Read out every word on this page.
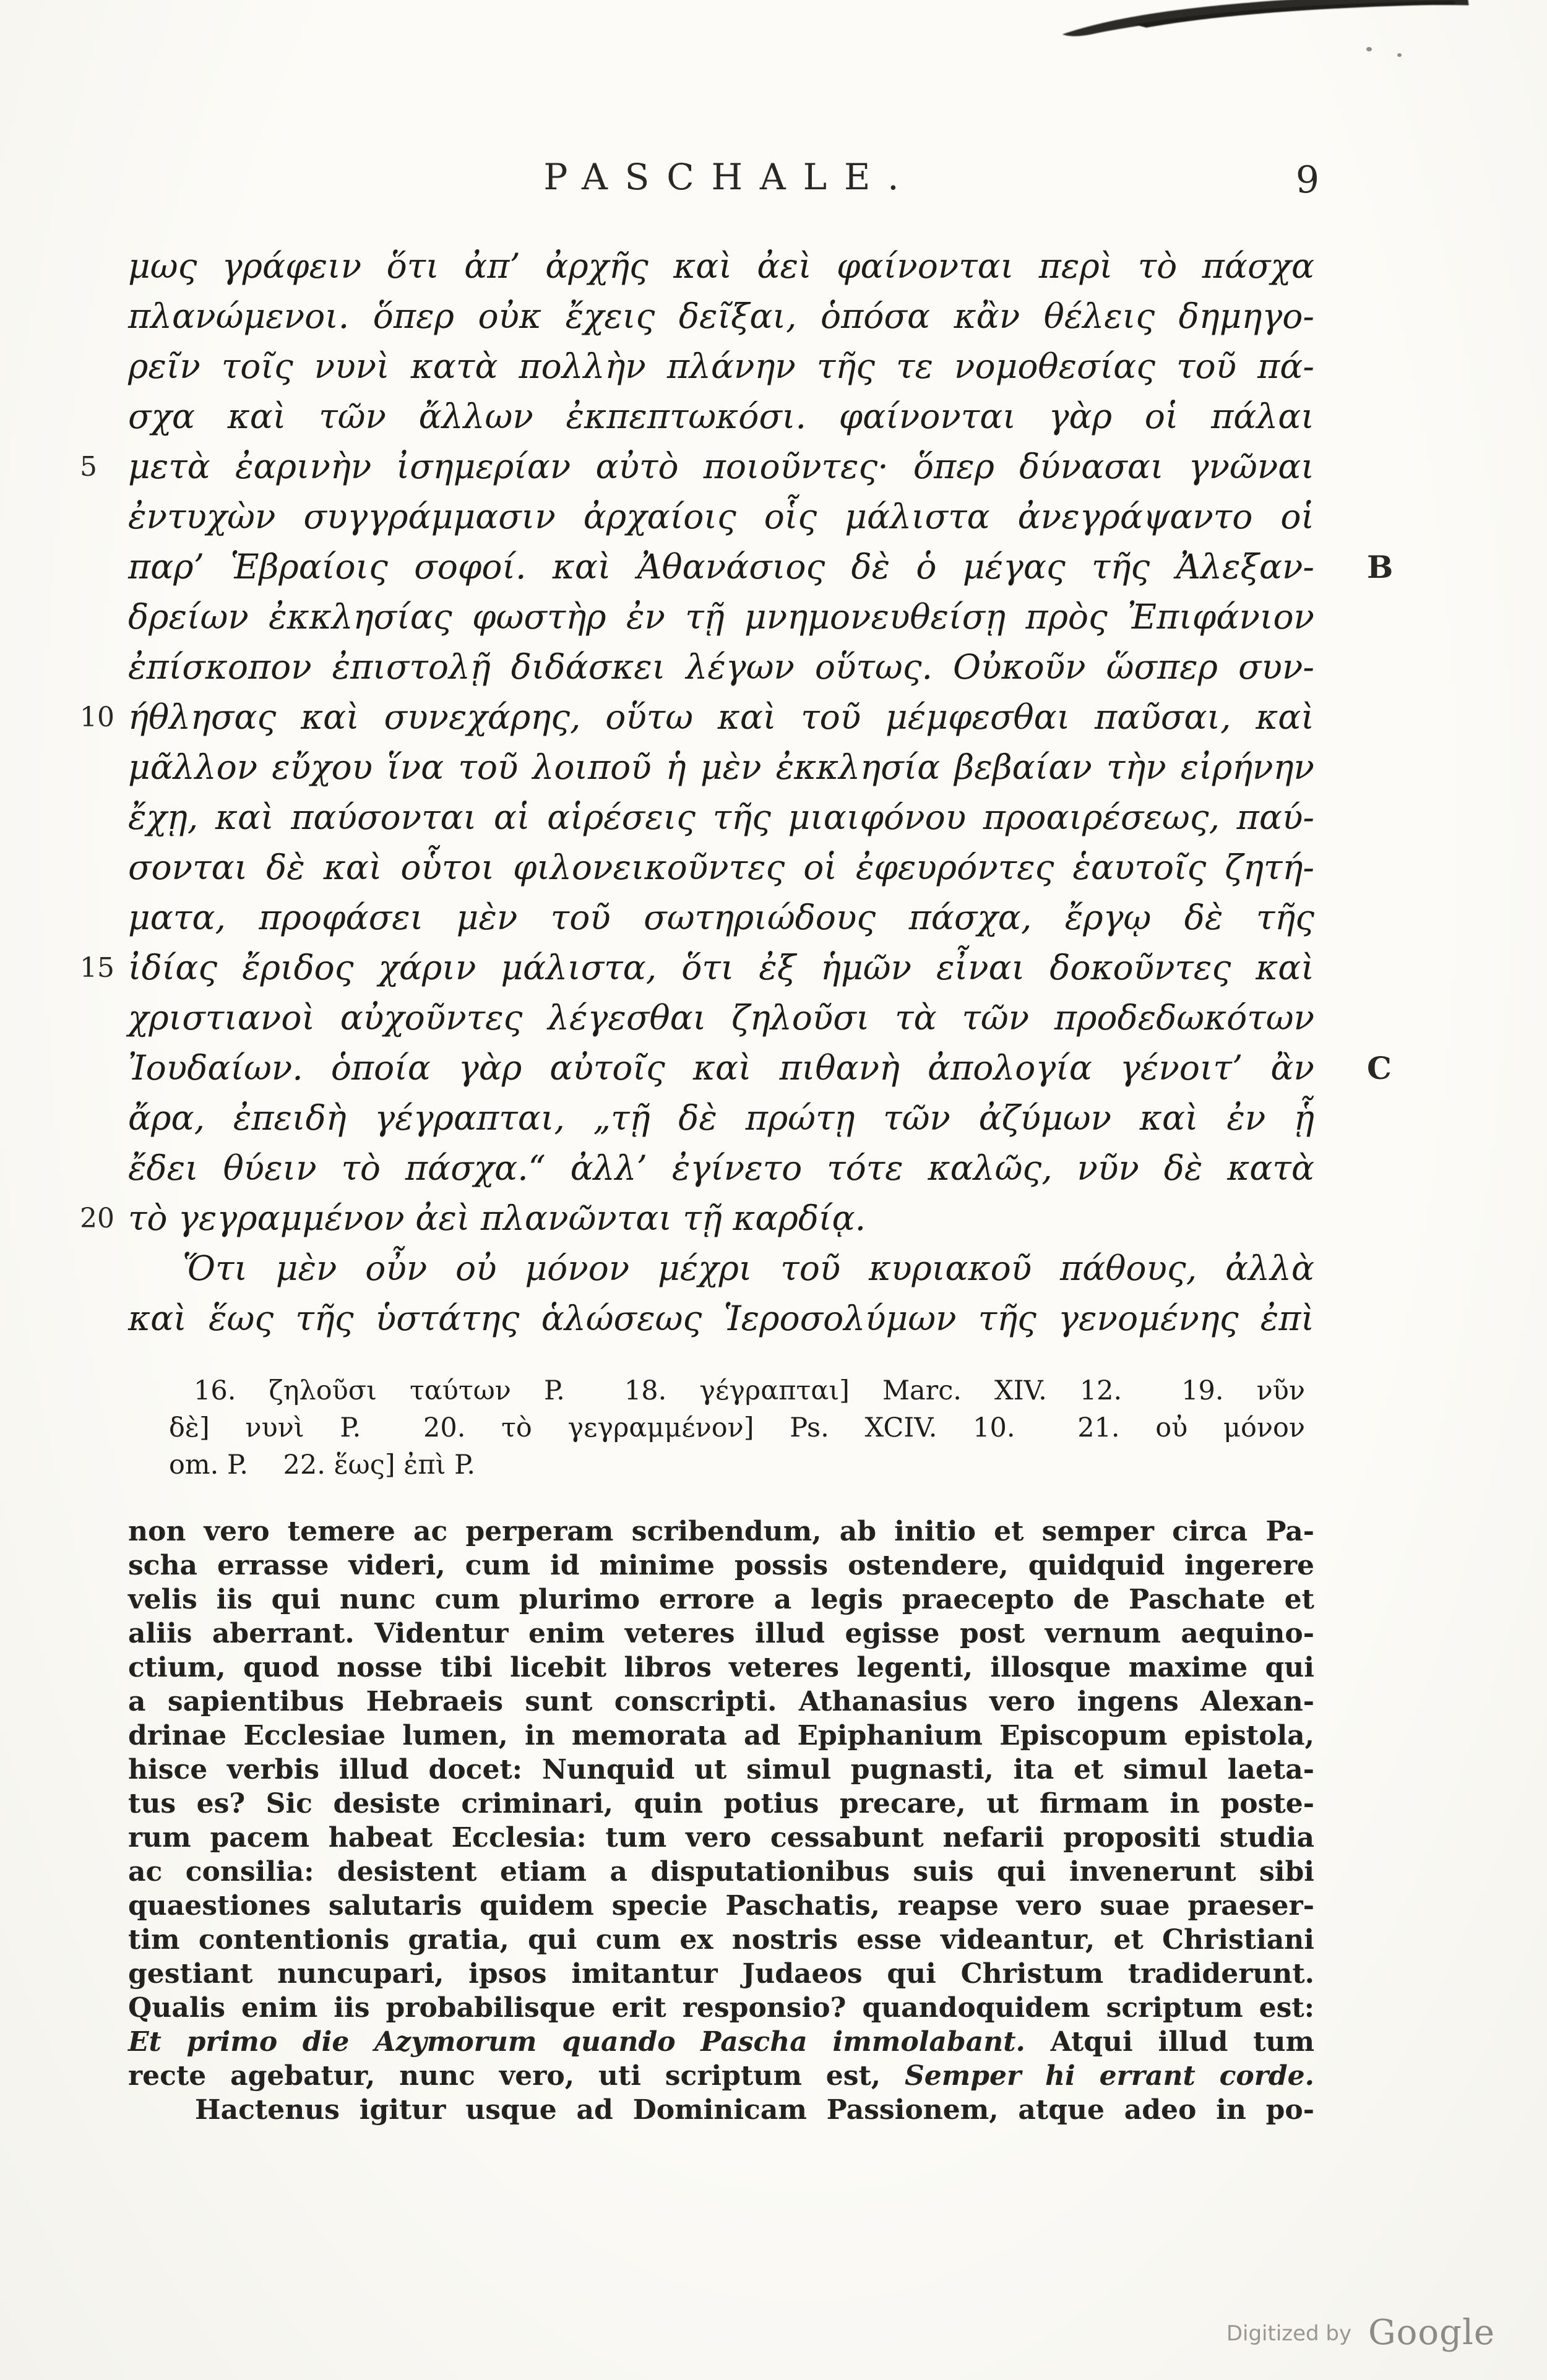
PASCHALE.	9
μως γράφειν ὅτι ἀπ’ ἀρχῆς καὶ ἀεὶ φαίνονται περὶ τὸ πάσχα
πλανώμενοι. ὅπερ οὐκ ἔχεις δεῖξαι, ὁπόσα κἂν θέλεις δημηγο-
ρεῖν τοῖς νυνὶ κατὰ πολλὴν πλάνην τῆς τε νομοθεσίας τοῦ πά-
σχα καὶ τῶν ἄλλων ἐκπεπτωκόσι. φαίνονται γὰρ οἱ πάλαι
5 μετὰ ἐαρινὴν ἰσημερίαν αὐτὸ ποιοῦντες· ὅπερ δύνασαι γνῶναι
ἐντυχὼν συγγράμμασιν ἀρχαίοις οἷς μάλιστα ἀνεγράψαντο οἱ
παρ’ Ἑβραίοις σοφοί. καὶ Ἀθανάσιος δὲ ὁ μέγας τῆς Ἀλεξαν- B
δρείων ἐκκλησίας φωστὴρ ἐν τῇ μνημονευθείσῃ πρὸς Ἐπιφάνιον
ἐπίσκοπον ἐπιστολῇ διδάσκει λέγων οὕτως. Οὐκοῦν ὥσπερ συν-
10 ήθλησας καὶ συνεχάρης, οὕτω καὶ τοῦ μέμφεσθαι παῦσαι, καὶ
μᾶλλον εὔχου ἵνα τοῦ λοιποῦ ἡ μὲν ἐκκλησία βεβαίαν τὴν εἰρήνην
ἔχῃ, καὶ παύσονται αἱ αἱρέσεις τῆς μιαιφόνου προαιρέσεως, παύ-
σονται δὲ καὶ οὗτοι φιλονεικοῦντες οἱ ἐφευρόντες ἑαυτοῖς ζητή-
ματα, προφάσει μὲν τοῦ σωτηριώδους πάσχα, ἔργῳ δὲ τῆς
15 ἰδίας ἔριδος χάριν μάλιστα, ὅτι ἐξ ἡμῶν εἶναι δοκοῦντες καὶ
χριστιανοὶ αὐχοῦντες λέγεσθαι ζηλοῦσι τὰ τῶν προδεδωκότων
Ἰουδαίων. ὁποία γὰρ αὐτοῖς καὶ πιθανὴ ἀπολογία γένοιτ’ ἂν C
ἄρα, ἐπειδὴ γέγραπται, „τῇ δὲ πρώτῃ τῶν ἀζύμων καὶ ἐν ᾗ
ἔδει θύειν τὸ πάσχα.“ ἀλλ’ ἐγίνετο τότε καλῶς, νῦν δὲ κατὰ
20 τὸ γεγραμμένον ἀεὶ πλανῶνται τῇ καρδίᾳ.
Ὅτι μὲν οὖν οὐ μόνον μέχρι τοῦ κυριακοῦ πάθους, ἀλλὰ
καὶ ἕως τῆς ὑστάτης ἁλώσεως Ἱεροσολύμων τῆς γενομένης ἐπὶ
16. ζηλοῦσι ταύτων P.  18. γέγραπται] Marc. XIV. 12.  19. νῦν
δὲ] νυνὶ P.  20. τὸ γεγραμμένον] Ps. XCIV. 10.  21. οὐ μόνον
om. P.  22. ἕως] ἐπὶ P.
non vero temere ac perperam scribendum, ab initio et semper circa Pa-
scha errasse videri, cum id minime possis ostendere, quidquid ingerere
velis iis qui nunc cum plurimo errore a legis praecepto de Paschate et
aliis aberrant. Videntur enim veteres illud egisse post vernum aequino-
ctium, quod nosse tibi licebit libros veteres legenti, illosque maxime qui
a sapientibus Hebraeis sunt conscripti. Athanasius vero ingens Alexan-
drinae Ecclesiae lumen, in memorata ad Epiphanium Episcopum epistola,
hisce verbis illud docet: Nunquid ut simul pugnasti, ita et simul laeta-
tus es? Sic desiste criminari, quin potius precare, ut firmam in poste-
rum pacem habeat Ecclesia: tum vero cessabunt nefarii propositi studia
ac consilia: desistent etiam a disputationibus suis qui invenerunt sibi
quaestiones salutaris quidem specie Paschatis, reapse vero suae praeser-
tim contentionis gratia, qui cum ex nostris esse videantur, et Christiani
gestiant nuncupari, ipsos imitantur Judaeos qui Christum tradiderunt.
Qualis enim iis probabilisque erit responsio? quandoquidem scriptum est:
Et primo die Azymorum quando Pascha immolabant. Atqui illud tum
recte agebatur, nunc vero, uti scriptum est, Semper hi errant corde.
Hactenus igitur usque ad Dominicam Passionem, atque adeo in po-
Digitized by Google
